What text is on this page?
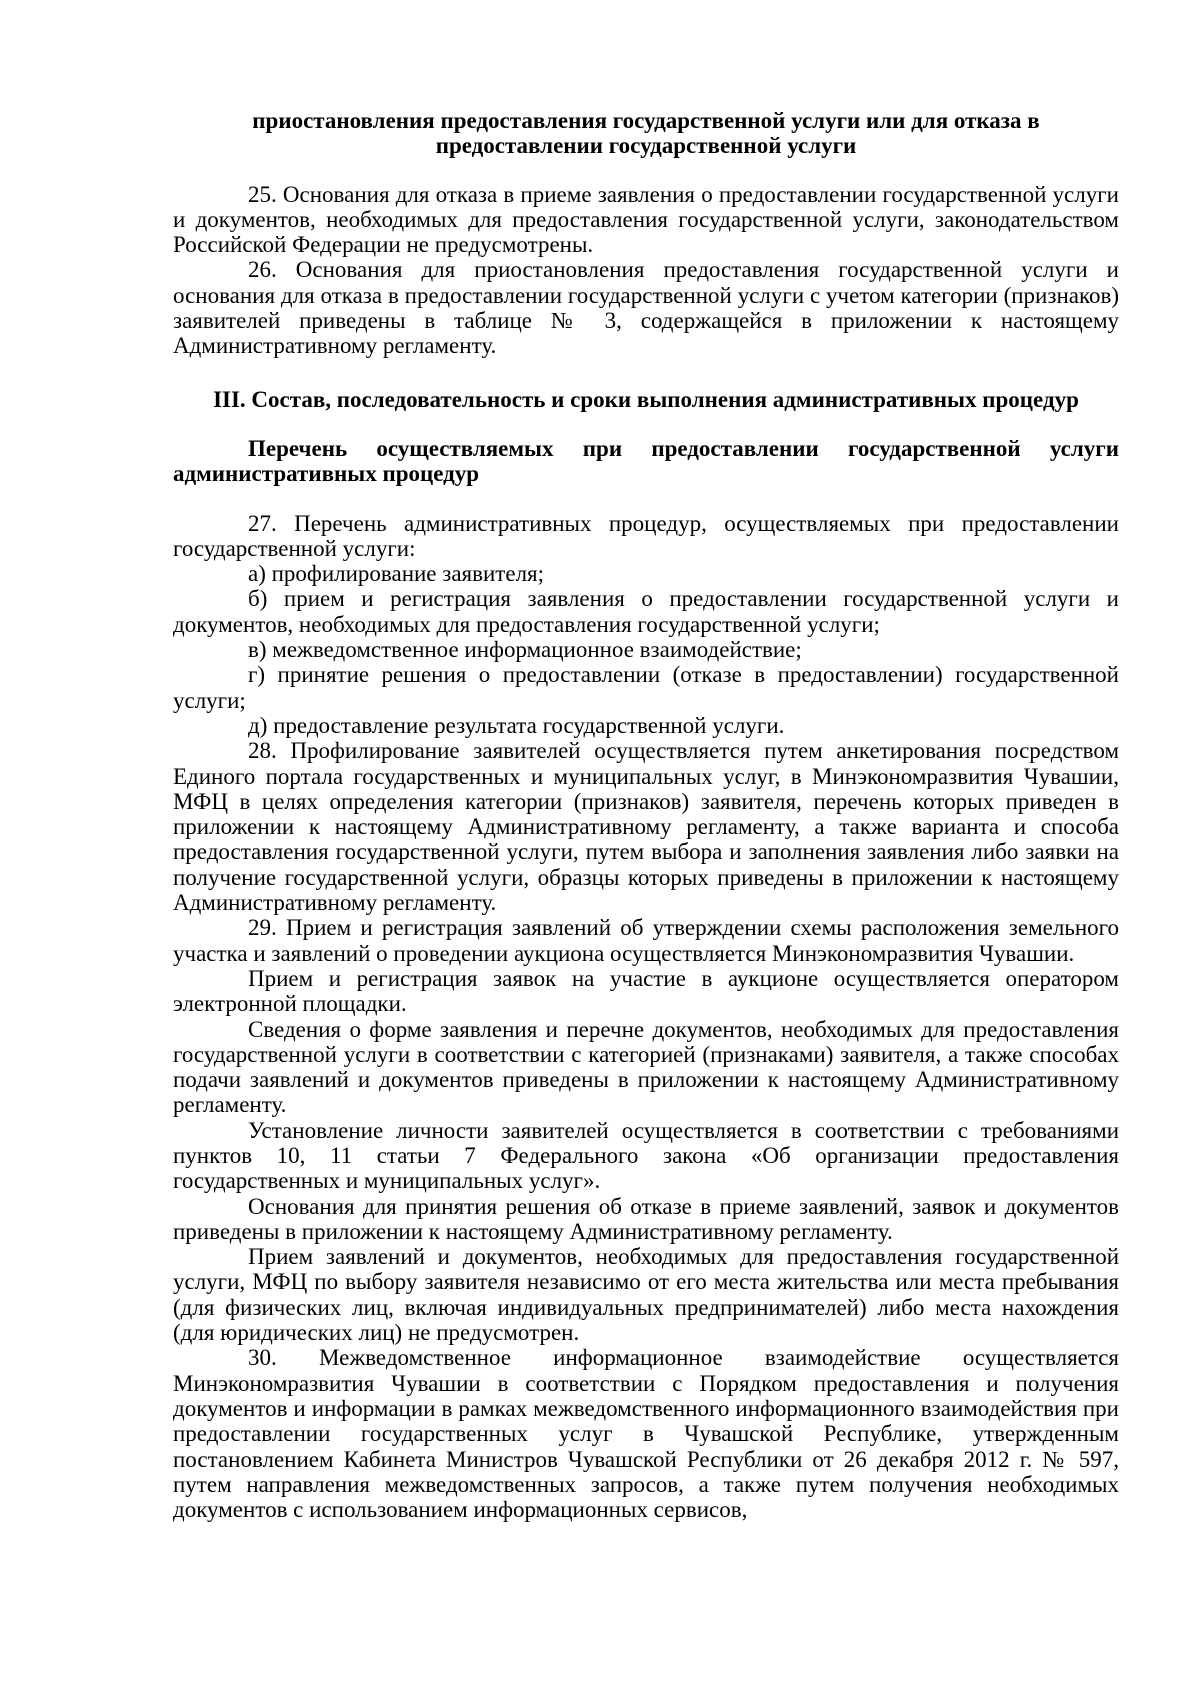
приостановления предоставления государственной услуги или для отказа в предоставлении государственной услуги

25. Основания для отказа в приеме заявления о предоставлении государственной услуги и документов, необходимых для предоставления государственной услуги, законодательством Российской Федерации не предусмотрены.

26. Основания для приостановления предоставления государственной услуги и основания для отказа в предоставлении государственной услуги с учетом категории (признаков) заявителей приведены в таблице № 3, содержащейся в приложении к настоящему Административному регламенту.

III. Состав, последовательность и сроки выполнения административных процедур

Перечень осуществляемых при предоставлении государственной услуги административных процедур

27. Перечень административных процедур, осуществляемых при предоставлении государственной услуги:

а) профилирование заявителя;

б) прием и регистрация заявления о предоставлении государственной услуги и документов, необходимых для предоставления государственной услуги;

в) межведомственное информационное взаимодействие;

г) принятие решения о предоставлении (отказе в предоставлении) государственной услуги;

д) предоставление результата государственной услуги.

28. Профилирование заявителей осуществляется путем анкетирования посредством Единого портала государственных и муниципальных услуг, в Минэкономразвития Чувашии, МФЦ в целях определения категории (признаков) заявителя, перечень которых приведен в приложении к настоящему Административному регламенту, а также варианта и способа предоставления государственной услуги, путем выбора и заполнения заявления либо заявки на получение государственной услуги, образцы которых приведены в приложении к настоящему Административному регламенту.

29. Прием и регистрация заявлений об утверждении схемы расположения земельного участка и заявлений о проведении аукциона осуществляется Минэкономразвития Чувашии.

Прием и регистрация заявок на участие в аукционе осуществляется оператором электронной площадки.

Сведения о форме заявления и перечне документов, необходимых для предоставления государственной услуги в соответствии с категорией (признаками) заявителя, а также способах подачи заявлений и документов приведены в приложении к настоящему Административному регламенту.

Установление личности заявителей осуществляется в соответствии с требованиями пунктов 10, 11 статьи 7 Федерального закона «Об организации предоставления государственных и муниципальных услуг».

Основания для принятия решения об отказе в приеме заявлений, заявок и документов приведены в приложении к настоящему Административному регламенту.

Прием заявлений и документов, необходимых для предоставления государственной услуги, МФЦ по выбору заявителя независимо от его места жительства или места пребывания (для физических лиц, включая индивидуальных предпринимателей) либо места нахождения (для юридических лиц) не предусмотрен.

30. Межведомственное информационное взаимодействие осуществляется Минэкономразвития Чувашии в соответствии с Порядком предоставления и получения документов и информации в рамках межведомственного информационного взаимодействия при предоставлении государственных услуг в Чувашской Республике, утвержденным постановлением Кабинета Министров Чувашской Республики от 26 декабря 2012 г. № 597, путем направления межведомственных запросов, а также путем получения необходимых документов с использованием информационных сервисов,
